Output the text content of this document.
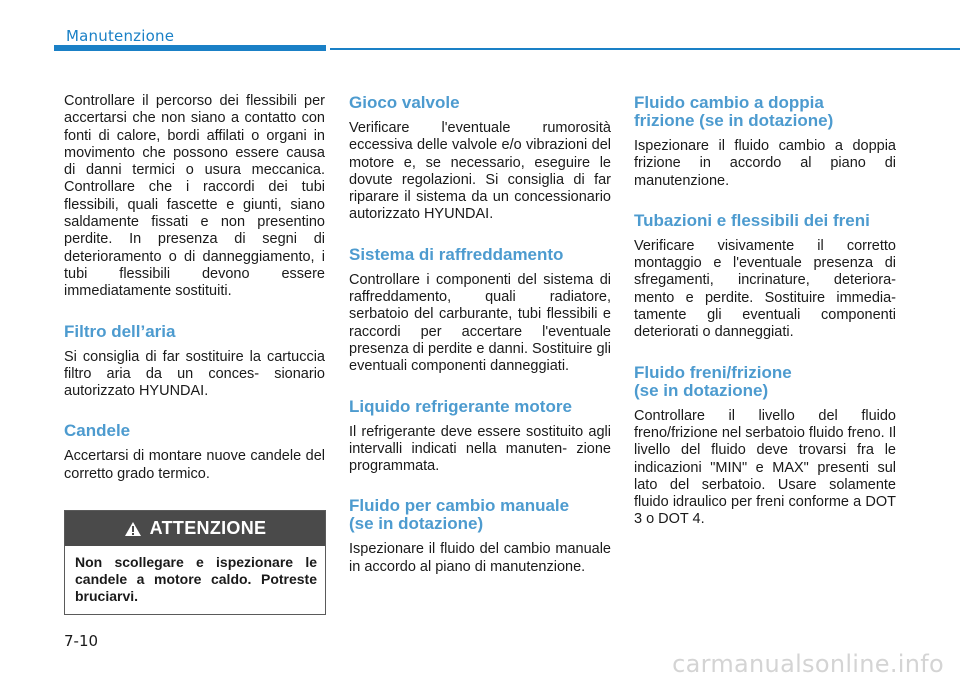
Manutenzione

Controllare il percorso dei flessibili per accertarsi che non siano a contatto con fonti di calore, bordi affilati o organi in movimento che possono essere causa di danni termici o usura meccanica. Controllare che i raccordi dei tubi flessibili, quali fascette e giunti, siano saldamente fissati e non presentino perdite. In presenza di segni di deterioramento o di danneggiamento, i tubi flessibili devono essere immediatamente sostituiti.

Filtro dell’aria

Si consiglia di far sostituire la cartuccia filtro aria da un conces- sionario autorizzato HYUNDAI.

Candele

Accertarsi di montare nuove candele del corretto grado termico.

ATTENZIONE
Non scollegare e ispezionare le candele a motore caldo. Potreste bruciarvi.
Gioco valvole

Verificare l'eventuale rumorosità eccessiva delle valvole e/o vibrazioni del motore e, se necessario, eseguire le dovute regolazioni. Si consiglia di far riparare il sistema da un concessionario autorizzato HYUNDAI.

Sistema di raffreddamento

Controllare i componenti del sistema di raffreddamento, quali radiatore, serbatoio del carburante, tubi flessibili e raccordi per accertare l'eventuale presenza di perdite e danni. Sostituire gli eventuali componenti danneggiati.

Liquido refrigerante motore

Il refrigerante deve essere sostituito agli intervalli indicati nella manuten- zione programmata.

Fluido per cambio manuale
(se in dotazione)

Ispezionare il fluido del cambio manuale in accordo al piano di manutenzione.

Fluido cambio a doppia
frizione (se in dotazione)

Ispezionare il fluido cambio a doppia frizione in accordo al piano di manutenzione.

Tubazioni e flessibili dei freni

Verificare visivamente il corretto montaggio e l'eventuale presenza di sfregamenti, incrinature, deteriora- mento e perdite. Sostituire immedia- tamente gli eventuali componenti deteriorati o danneggiati.

Fluido freni/frizione
(se in dotazione)

Controllare il livello del fluido freno/frizione nel serbatoio fluido freno. Il livello del fluido deve trovarsi fra le indicazioni "MIN" e MAX" presenti sul lato del serbatoio. Usare solamente fluido idraulico per freni conforme a DOT 3 o DOT 4.

7-10
carmanualsonline.info
